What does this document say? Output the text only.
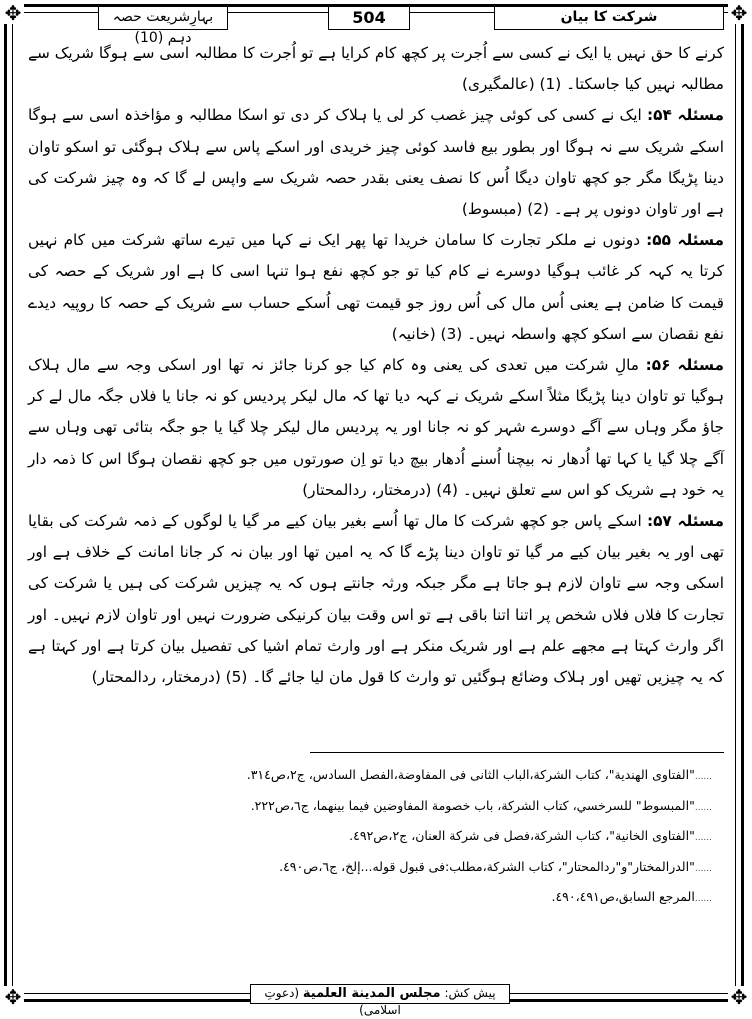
✥	✥
✥	✥
شرکت کا بیان
504
بہارِشریعت حصہ دہم (10)

کرنے کا حق نہیں یا ایک نے کسی سے اُجرت پر کچھ کام کرایا ہے تو اُجرت کا مطالبہ اسی سے ہوگا شریک سے مطالبہ نہیں کیا جاسکتا۔ (1) (عالمگیری)

مسئلہ ۵۴: ایک نے کسی کی کوئی چیز غصب کر لی یا ہلاک کر دی تو اسکا مطالبہ و مؤاخذہ اسی سے ہوگا اسکے شریک سے نہ ہوگا اور بطور بیع فاسد کوئی چیز خریدی اور اسکے پاس سے ہلاک ہوگئی تو اسکو تاوان دینا پڑیگا مگر جو کچھ تاوان دیگا اُس کا نصف یعنی بقدر حصہ شریک سے واپس لے گا کہ وہ چیز شرکت کی ہے اور تاوان دونوں پر ہے۔ (2) (مبسوط)

مسئلہ ۵۵: دونوں نے ملکر تجارت کا سامان خریدا تھا پھر ایک نے کہا میں تیرے ساتھ شرکت میں کام نہیں کرتا یہ کہہ کر غائب ہوگیا دوسرے نے کام کیا تو جو کچھ نفع ہوا تنہا اسی کا ہے اور شریک کے حصہ کی قیمت کا ضامن ہے یعنی اُس مال کی اُس روز جو قیمت تھی اُسکے حساب سے شریک کے حصہ کا روپیہ دیدے نفع نقصان سے اسکو کچھ واسطہ نہیں۔ (3) (خانیہ)

مسئلہ ۵۶: مالِ شرکت میں تعدی کی یعنی وہ کام کیا جو کرنا جائز نہ تھا اور اسکی وجہ سے مال ہلاک ہوگیا تو تاوان دینا پڑیگا مثلاً اسکے شریک نے کہہ دیا تھا کہ مال لیکر پردیس کو نہ جانا یا فلاں جگہ مال لے کر جاؤ مگر وہاں سے آگے دوسرے شہر کو نہ جانا اور یہ پردیس مال لیکر چلا گیا یا جو جگہ بتائی تھی وہاں سے آگے چلا گیا یا کہا تھا اُدھار نہ بیچنا اُسنے اُدھار بیچ دیا تو اِن صورتوں میں جو کچھ نقصان ہوگا اس کا ذمہ دار یہ خود ہے شریک کو اس سے تعلق نہیں۔ (4) (درمختار، ردالمحتار)

مسئلہ ۵۷: اسکے پاس جو کچھ شرکت کا مال تھا اُسے بغیر بیان کیے مر گیا یا لوگوں کے ذمہ شرکت کی بقایا تھی اور یہ بغیر بیان کیے مر گیا تو تاوان دینا پڑے گا کہ یہ امین تھا اور بیان نہ کر جانا امانت کے خلاف ہے اور اسکی وجہ سے تاوان لازم ہو جاتا ہے مگر جبکہ ورثہ جانتے ہوں کہ یہ چیزیں شرکت کی ہیں یا شرکت کی تجارت کا فلاں فلاں شخص پر اتنا اتنا باقی ہے تو اس وقت بیان کرنیکی ضرورت نہیں اور تاوان لازم نہیں۔ اور اگر وارث کہتا ہے مجھے علم ہے اور شریک منکر ہے اور وارث تمام اشیا کی تفصیل بیان کرتا ہے اور کہتا ہے کہ یہ چیزیں تھیں اور ہلاک وضائع ہوگئیں تو وارث کا قول مان لیا جائے گا۔ (5) (درمختار، ردالمحتار)

......"الفتاوى الهندية"، كتاب الشركة،الباب الثانى فى المفاوضة،الفصل السادس، ج٢،ص٣١٤.
......"المبسوط" للسرخسي، كتاب الشركة، باب خصومة المفاوضين فيما بينهما، ج٦،ص٢٢٢.
......"الفتاوى الخانية"، كتاب الشركة،فصل فى شركة العنان، ج٢،ص٤٩٢.
......"الدرالمختار"و"ردالمحتار"، كتاب الشركة،مطلب:فى قبول قوله...إلخ، ج٦،ص٤٩٠.
......المرجع السابق،ص٤٩٠،٤٩١.
پیش کش: مجلس المدينة العلمية (دعوتِ اسلامی)
